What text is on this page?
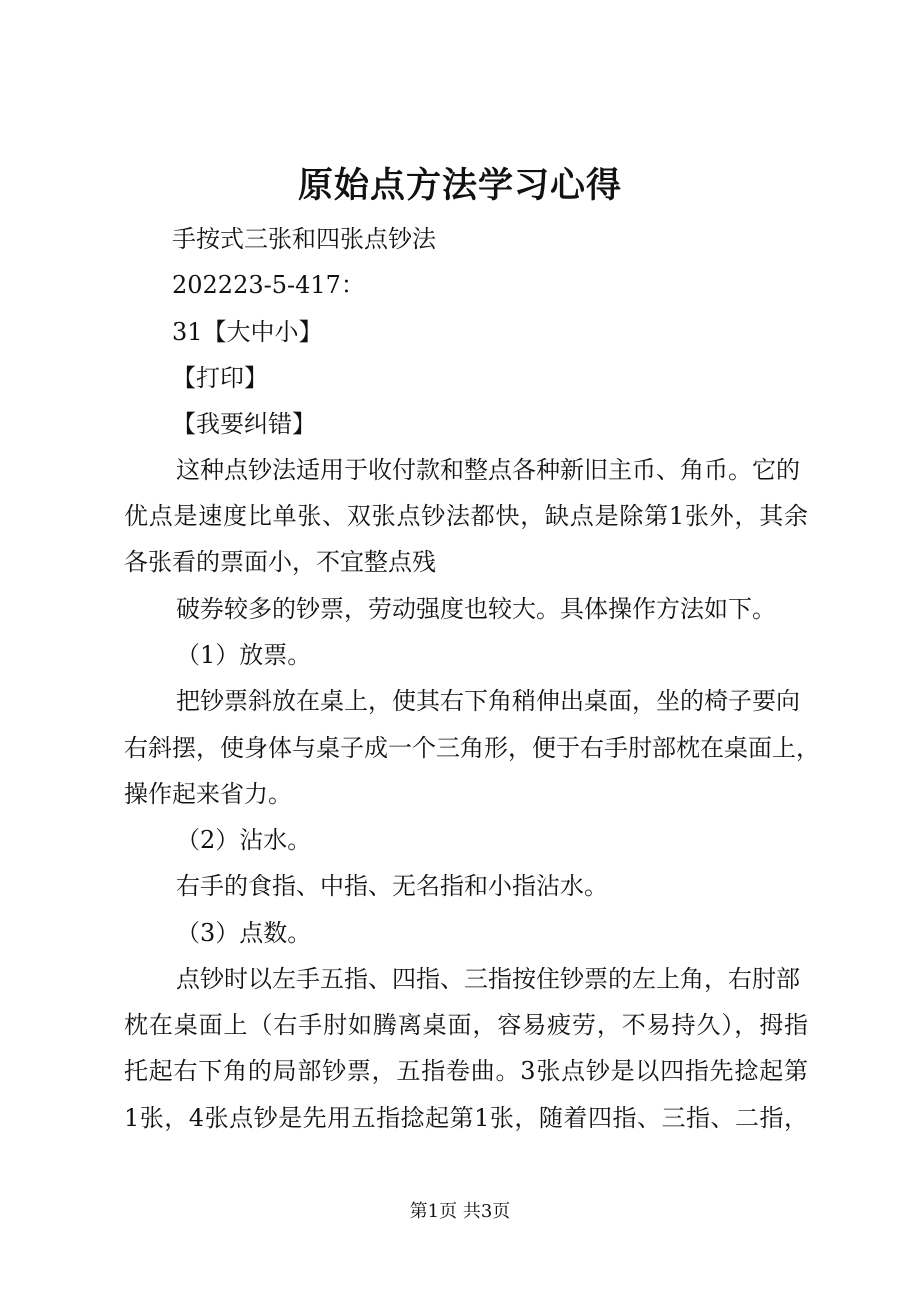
原始点方法学习心得
手按式三张和四张点钞法
202223-5-417：
31【大中小】
【打印】
【我要纠错】
这种点钞法适用于收付款和整点各种新旧主币、角币。它的
优点是速度比单张、双张点钞法都快，缺点是除第1张外，其余
各张看的票面小，不宜整点残
破券较多的钞票，劳动强度也较大。具体操作方法如下。
（1）放票。
把钞票斜放在桌上，使其右下角稍伸出桌面，坐的椅子要向
右斜摆，使身体与桌子成一个三角形，便于右手肘部枕在桌面上，
操作起来省力。
（2）沾水。
右手的食指、中指、无名指和小指沾水。
（3）点数。
点钞时以左手五指、四指、三指按住钞票的左上角，右肘部
枕在桌面上（右手肘如腾离桌面，容易疲劳，不易持久），拇指
托起右下角的局部钞票，五指卷曲。3张点钞是以四指先捻起第
1张，4张点钞是先用五指捻起第1张，随着四指、三指、二指，
第1页 共3页
